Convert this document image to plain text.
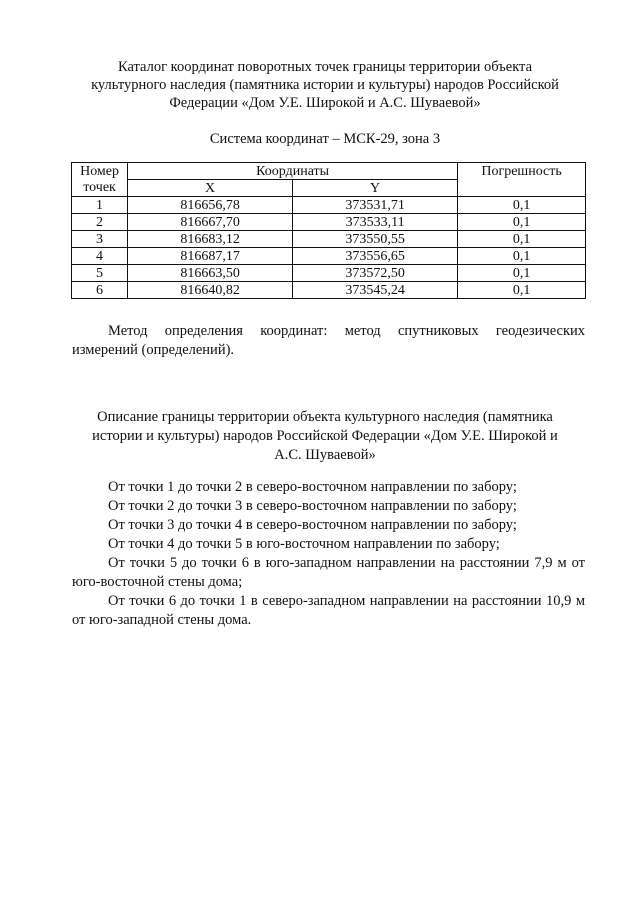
Каталог координат поворотных точек границы территории объекта
культурного наследия (памятника истории и культуры) народов Российской
Федерации «Дом У.Е. Широкой и А.С. Шуваевой»
Система координат – МСК-29, зона 3
Номер
точек	Координаты		Погрешность
	X	Y	
1	816656,78	373531,71	0,1
2	816667,70	373533,11	0,1
3	816683,12	373550,55	0,1
4	816687,17	373556,65	0,1
5	816663,50	373572,50	0,1
6	816640,82	373545,24	0,1
Метод определения координат: метод спутниковых геодезических измерений (определений).
Описание границы территории объекта культурного наследия (памятника
истории и культуры) народов Российской Федерации «Дом У.Е. Широкой и
А.С. Шуваевой»

От точки 1 до точки 2 в северо-восточном направлении по забору;

От точки 2 до точки 3 в северо-восточном направлении по забору;

От точки 3 до точки 4 в северо-восточном направлении по забору;

От точки 4 до точки 5 в юго-восточном направлении по забору;

От точки 5 до точки 6 в юго-западном направлении на расстоянии 7,9 м от юго-восточной стены дома;

От точки 6 до точки 1 в северо-западном направлении на расстоянии 10,9 м от юго-западной стены дома.
